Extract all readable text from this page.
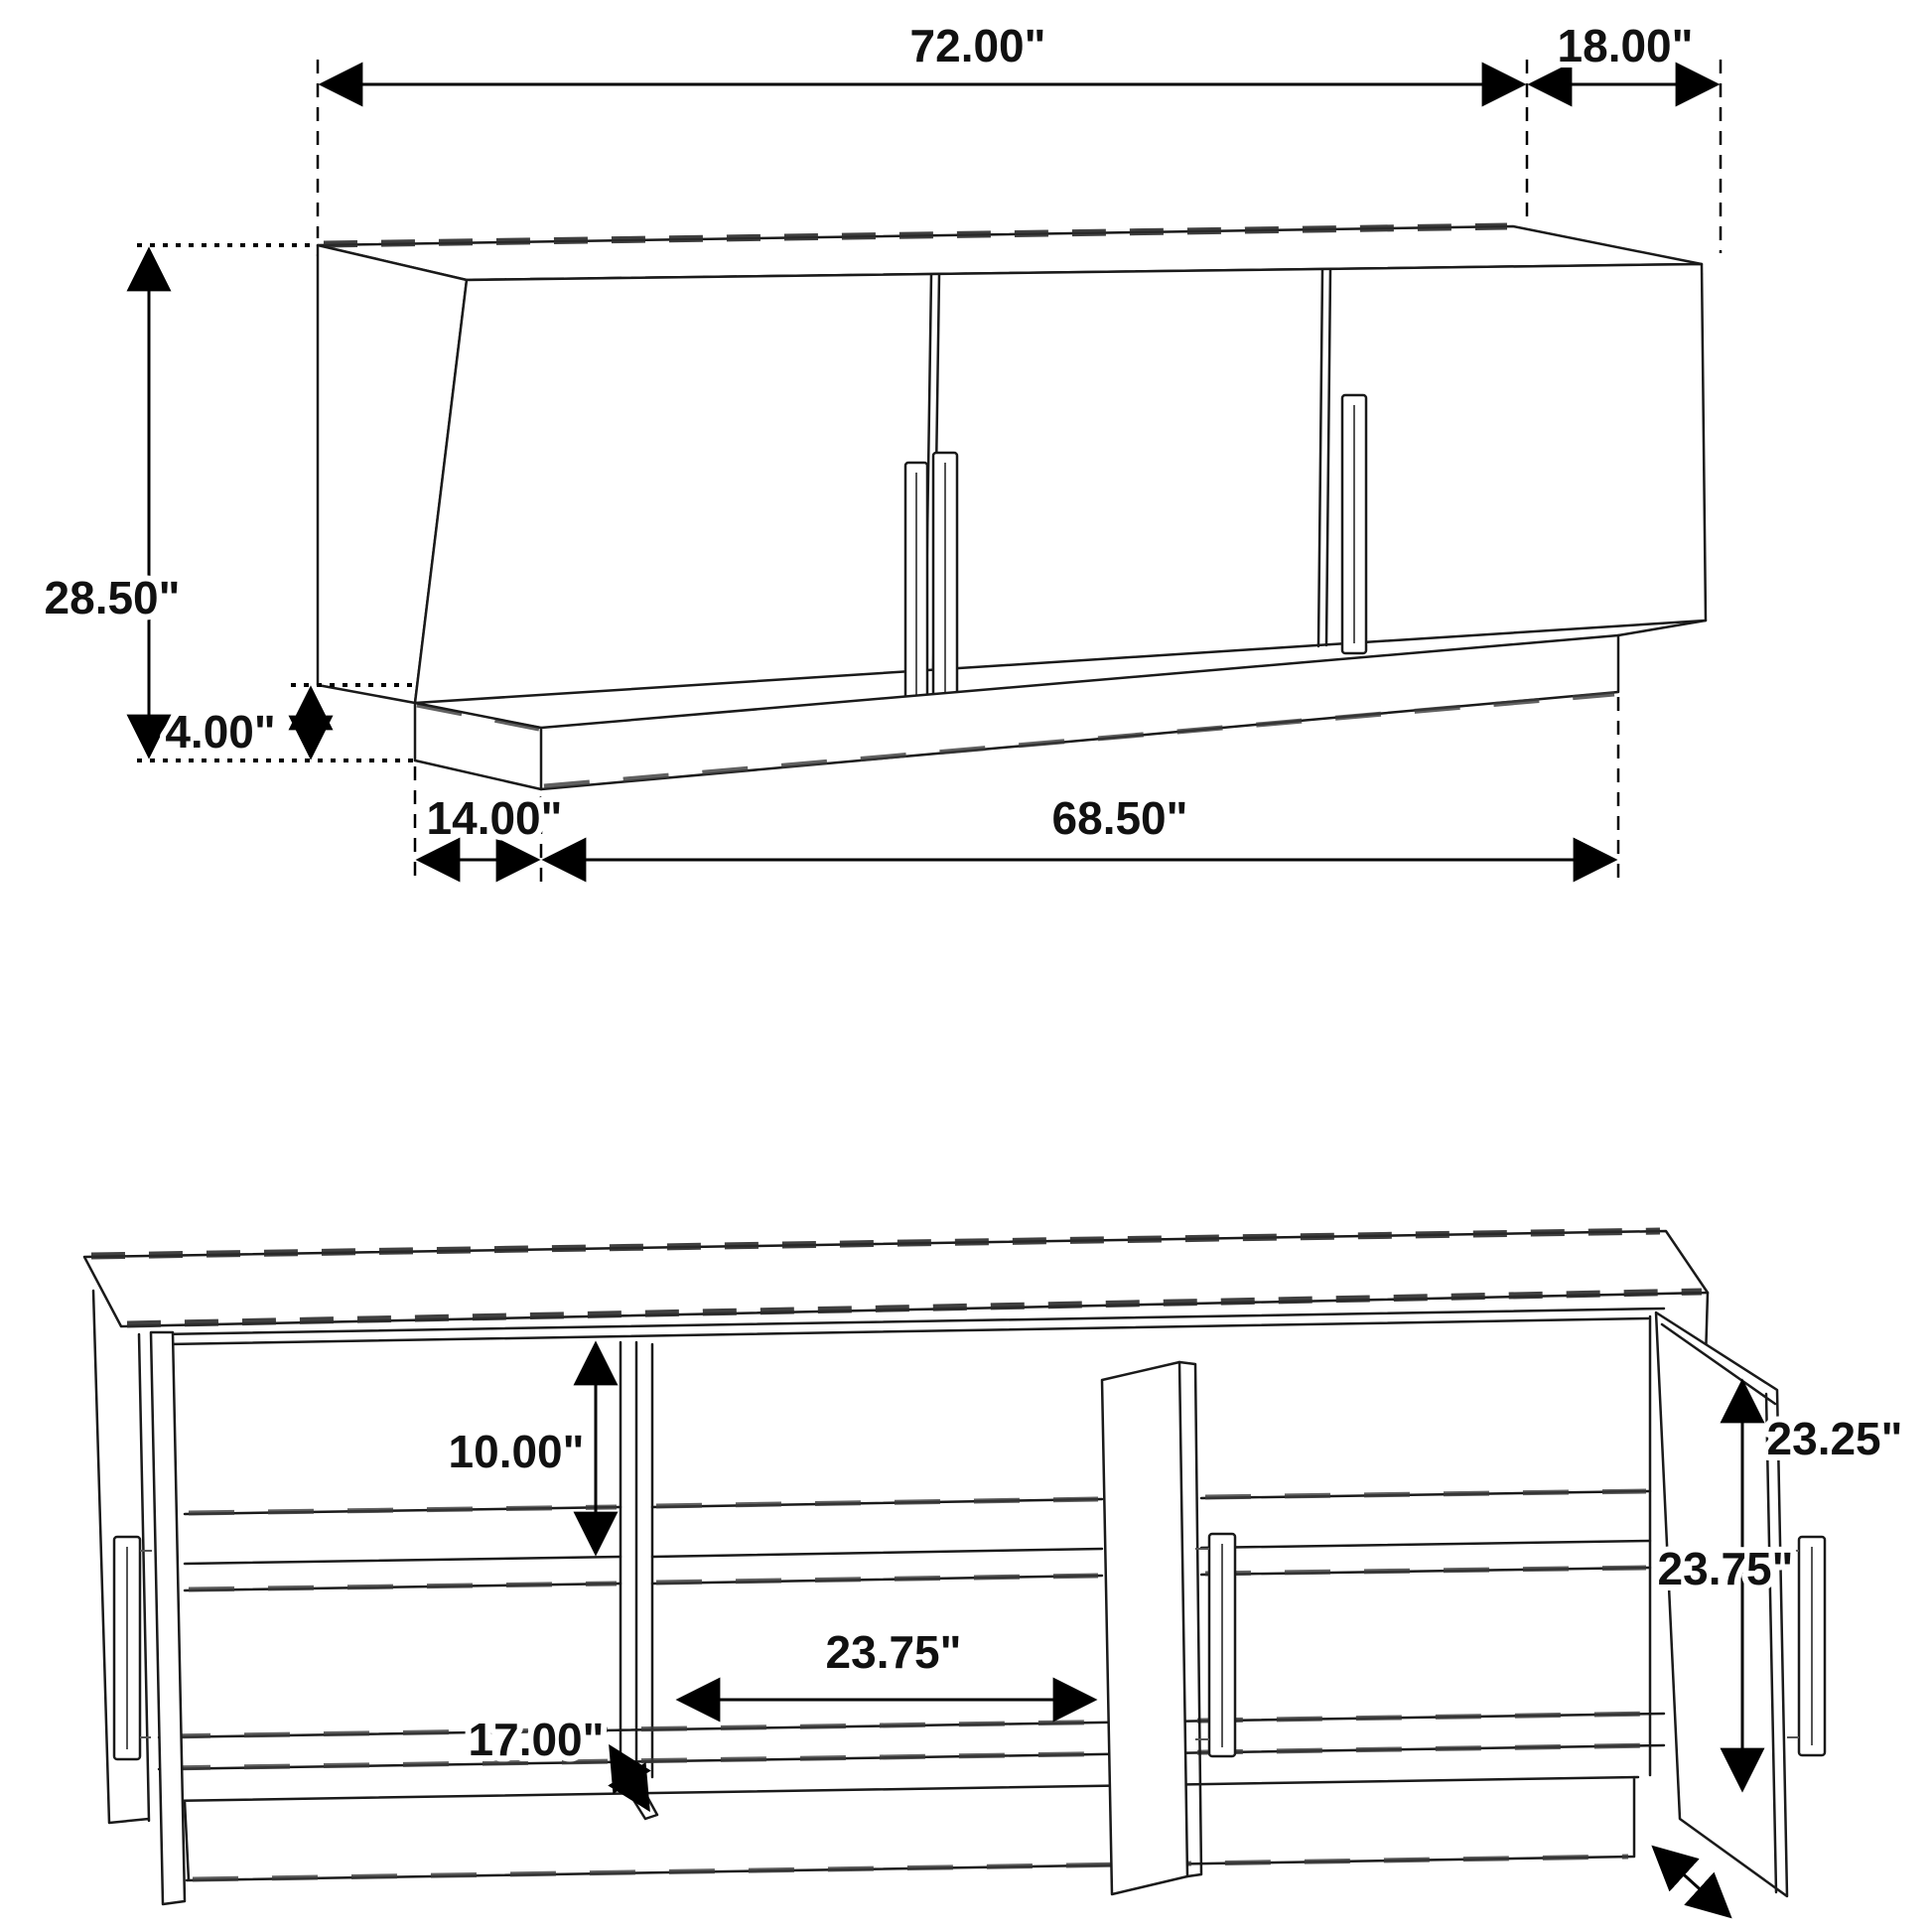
72.00"	18.00"
28.50"
4.00"
14.00"	68.50"
10.00"
23.75"
17.00"
23.25"
23.75"
